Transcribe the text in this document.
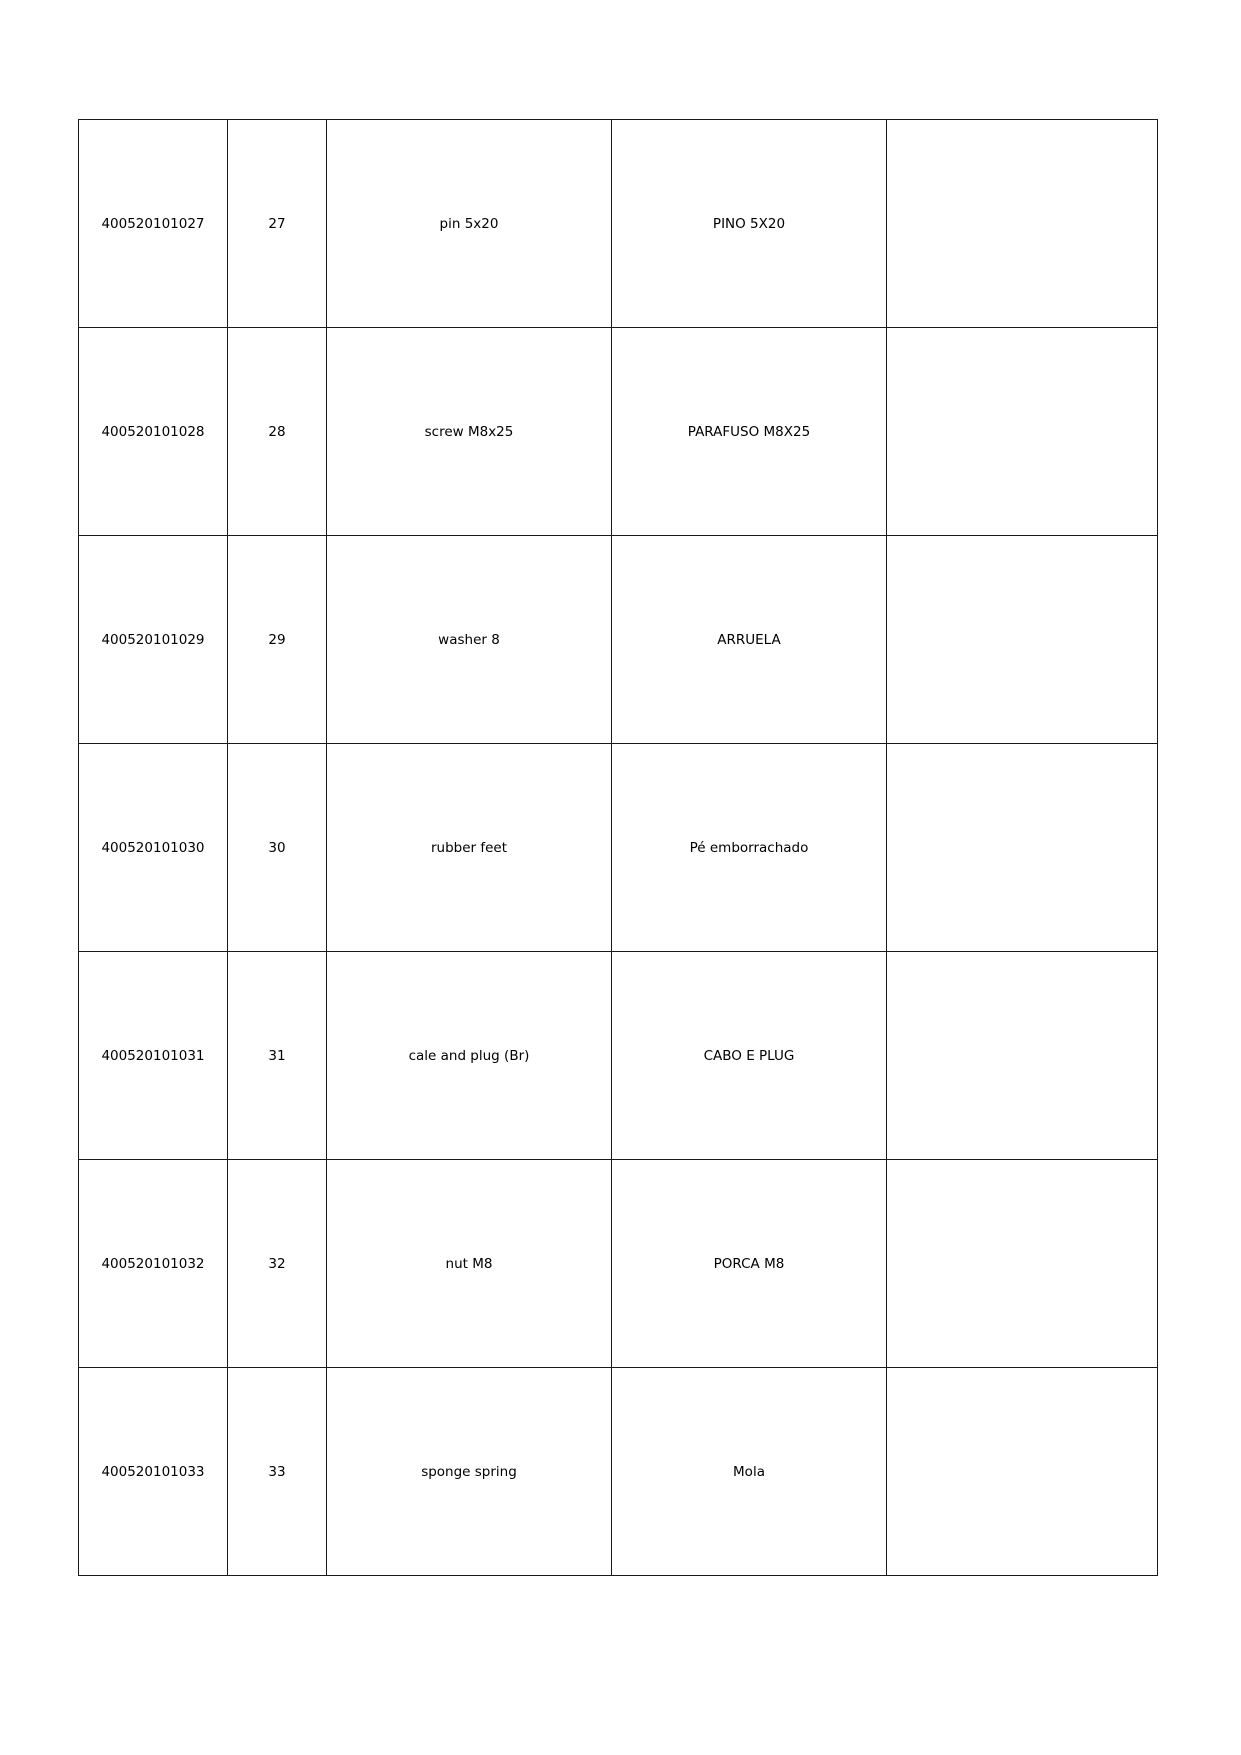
400520101027	27	pin 5x20	PINO 5X20	
400520101028	28	screw M8x25	PARAFUSO M8X25	
400520101029	29	washer 8	ARRUELA	
400520101030	30	rubber feet	Pé emborrachado	
400520101031	31	cale and plug (Br)	CABO E PLUG	
400520101032	32	nut M8	PORCA M8	
400520101033	33	sponge spring	Mola	
